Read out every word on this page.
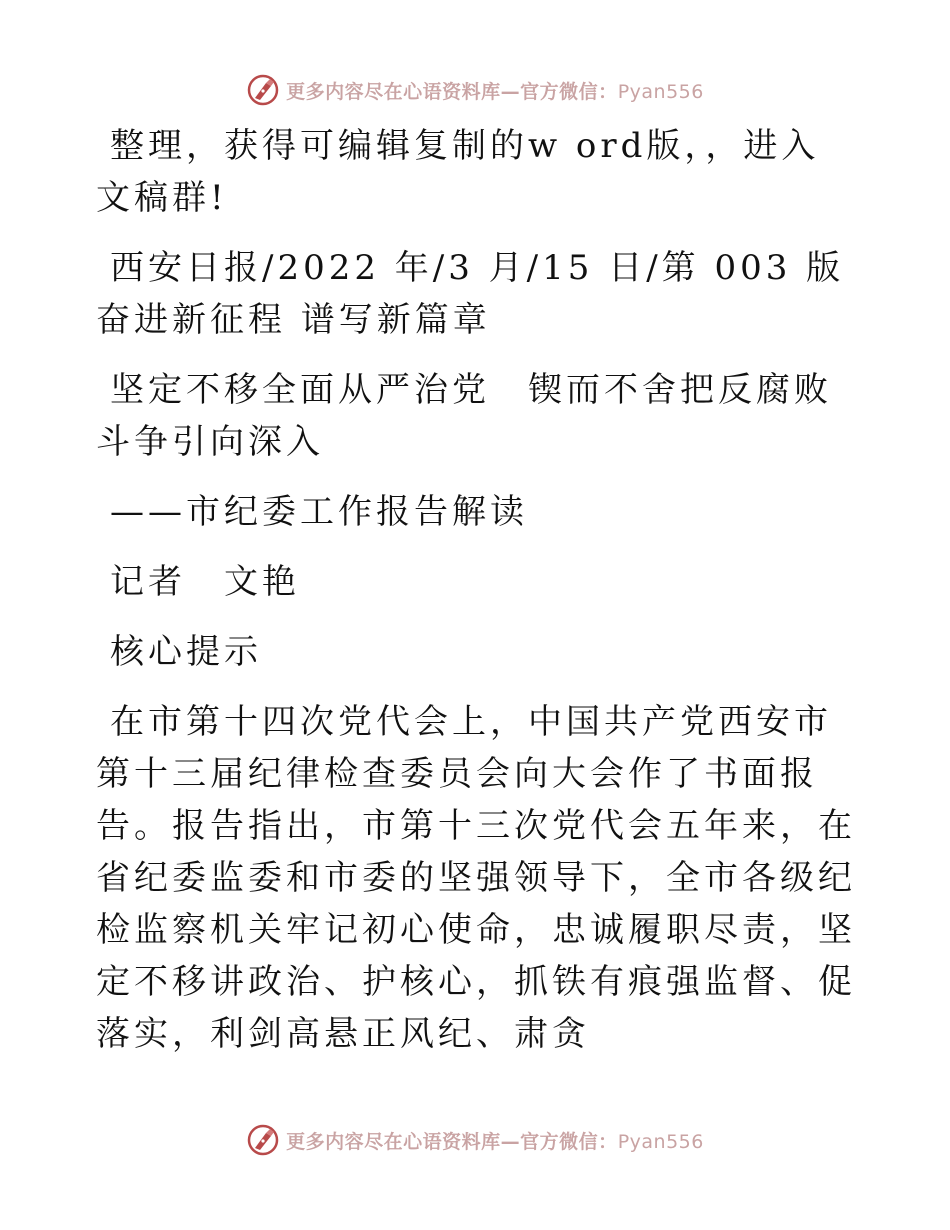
更多内容尽在心语资料库—官方微信：Pyan556

整理，获得可编辑复制的w ord版，，进入文稿群!

西安日报/2022 年/3 月/15 日/第 003 版奋进新征程 谱写新篇章

坚定不移全面从严治党　锲而不舍把反腐败斗争引向深入

——市纪委工作报告解读

记者　文艳

核心提示

在市第十四次党代会上，中国共产党西安市第十三届纪律检查委员会向大会作了书面报告。报告指出，市第十三次党代会五年来，在省纪委监委和市委的坚强领导下，全市各级纪检监察机关牢记初心使命，忠诚履职尽责，坚定不移讲政治、护核心，抓铁有痕强监督、促落实，利剑高悬正风纪、肃贪

更多内容尽在心语资料库—官方微信：Pyan556
